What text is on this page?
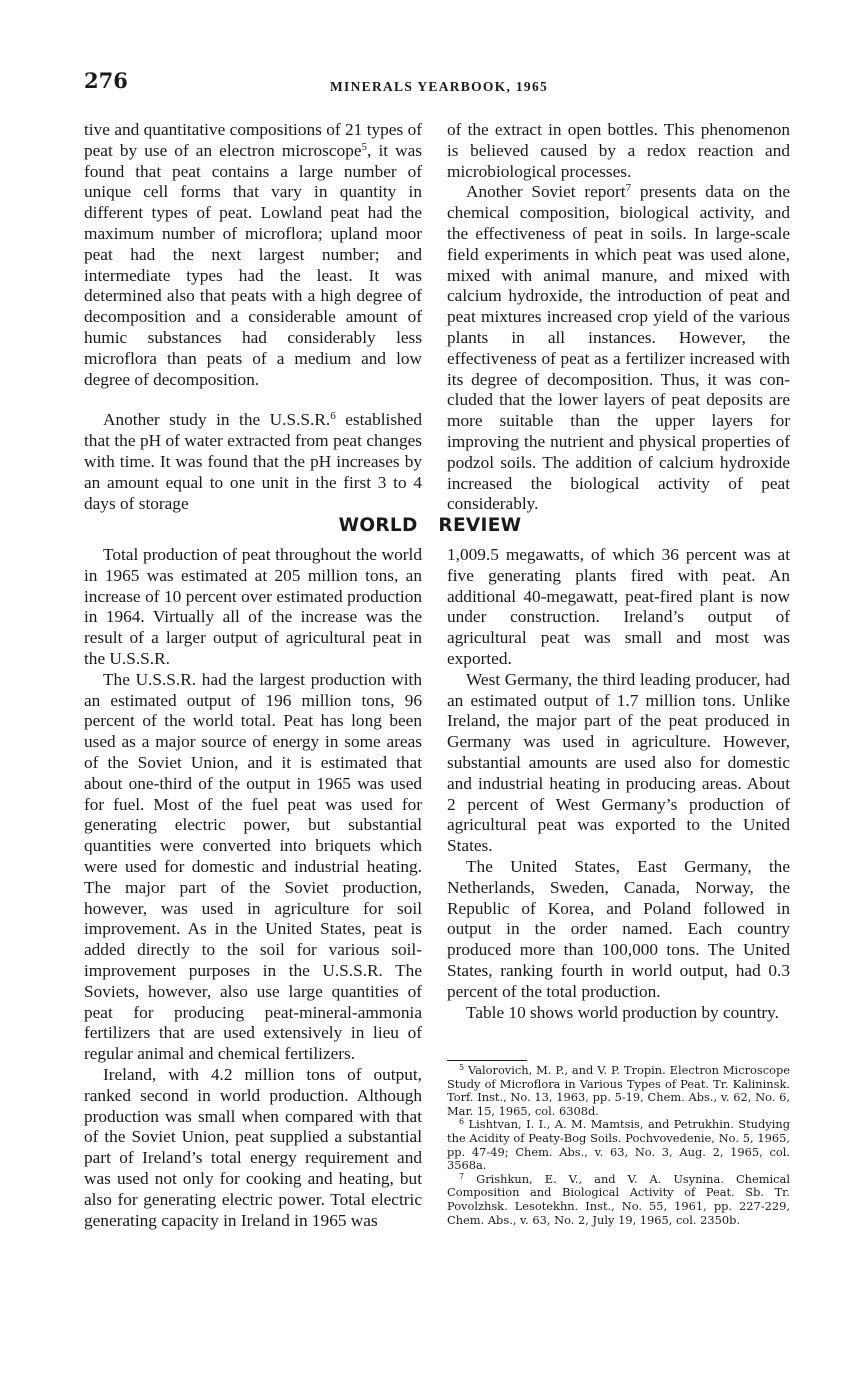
276	MINERALS YEARBOOK, 1965

tive and quantitative compositions of 21 types of peat by use of an electron microscope$^5$, it was found that peat contains a large number of unique cell forms that vary in quantity in different types of peat. Lowland peat had the maximum number of microflora; upland moor peat had the next largest number; and intermediate types had the least. It was determined also that peats with a high degree of decomposition and a considerable amount of humic substances had considerably less microflora than peats of a medium and low degree of decomposition.

Another study in the U.S.S.R.$^6$ established that the pH of water extracted from peat changes with time. It was found that the pH increases by an amount equal to one unit in the first 3 to 4 days of storage

of the extract in open bottles. This phenomenon is believed caused by a redox reaction and microbiological processes.

Another Soviet report$^7$ presents data on the chemical composition, biological activity, and the effectiveness of peat in soils. In large-scale field experiments in which peat was used alone, mixed with animal manure, and mixed with calcium hydroxide, the introduction of peat and peat mixtures increased crop yield of the various plants in all instances. However, the effectiveness of peat as a fertilizer increased with its degree of decomposition. Thus, it was concluded that the lower layers of peat deposits are more suitable than the upper layers for improving the nutrient and physical properties of podzol soils. The addition of calcium hydroxide increased the biological activity of peat considerably.

WORLD REVIEW

Total production of peat throughout the world in 1965 was estimated at 205 million tons, an increase of 10 percent over estimated production in 1964. Virtually all of the increase was the result of a larger output of agricultural peat in the U.S.S.R.

The U.S.S.R. had the largest production with an estimated output of 196 million tons, 96 percent of the world total. Peat has long been used as a major source of energy in some areas of the Soviet Union, and it is estimated that about one-third of the output in 1965 was used for fuel. Most of the fuel peat was used for generating electric power, but substantial quantities were converted into briquets which were used for domestic and industrial heating. The major part of the Soviet production, however, was used in agriculture for soil improvement. As in the United States, peat is added directly to the soil for various soil-improvement purposes in the U.S.S.R. The Soviets, however, also use large quantities of peat for producing peat-mineral-ammonia fertilizers that are used extensively in lieu of regular animal and chemical fertilizers.

Ireland, with 4.2 million tons of output, ranked second in world production. Although production was small when compared with that of the Soviet Union, peat supplied a substantial part of Ireland’s total energy requirement and was used not only for cooking and heating, but also for generating electric power. Total electric generating capacity in Ireland in 1965 was

1,009.5 megawatts, of which 36 percent was at five generating plants fired with peat. An additional 40-megawatt, peat-fired plant is now under construction. Ireland’s output of agricultural peat was small and most was exported.

West Germany, the third leading producer, had an estimated output of 1.7 million tons. Unlike Ireland, the major part of the peat produced in Germany was used in agriculture. However, substantial amounts are used also for domestic and industrial heating in producing areas. About 2 percent of West Germany’s production of agricultural peat was exported to the United States.

The United States, East Germany, the Netherlands, Sweden, Canada, Norway, the Republic of Korea, and Poland followed in output in the order named. Each country produced more than 100,000 tons. The United States, ranking fourth in world output, had 0.3 percent of the total production.

Table 10 shows world production by country.

$^5$ Valorovich, M. P., and V. P. Tropin. Electron Microscope Study of Microflora in Various Types of Peat. Tr. Kalininsk. Torf. Inst., No. 13, 1963, pp. 5-19, Chem. Abs., v. 62, No. 6, Mar. 15, 1965, col. 6308d.

$^6$ Lishtvan, I. I., A. M. Mamtsis, and Petrukhin. Studying the Acidity of Peaty-Bog Soils. Pochvovedenie, No. 5, 1965, pp. 47-49; Chem. Abs., v. 63, No. 3, Aug. 2, 1965, col. 3568a.

$^7$ Grishkun, E. V., and V. A. Usynina. Chemical Composition and Biological Activity of Peat. Sb. Tr. Povolzhsk. Lesotekhn. Inst., No. 55, 1961, pp. 227-229, Chem. Abs., v. 63, No. 2, July 19, 1965, col. 2350b.
